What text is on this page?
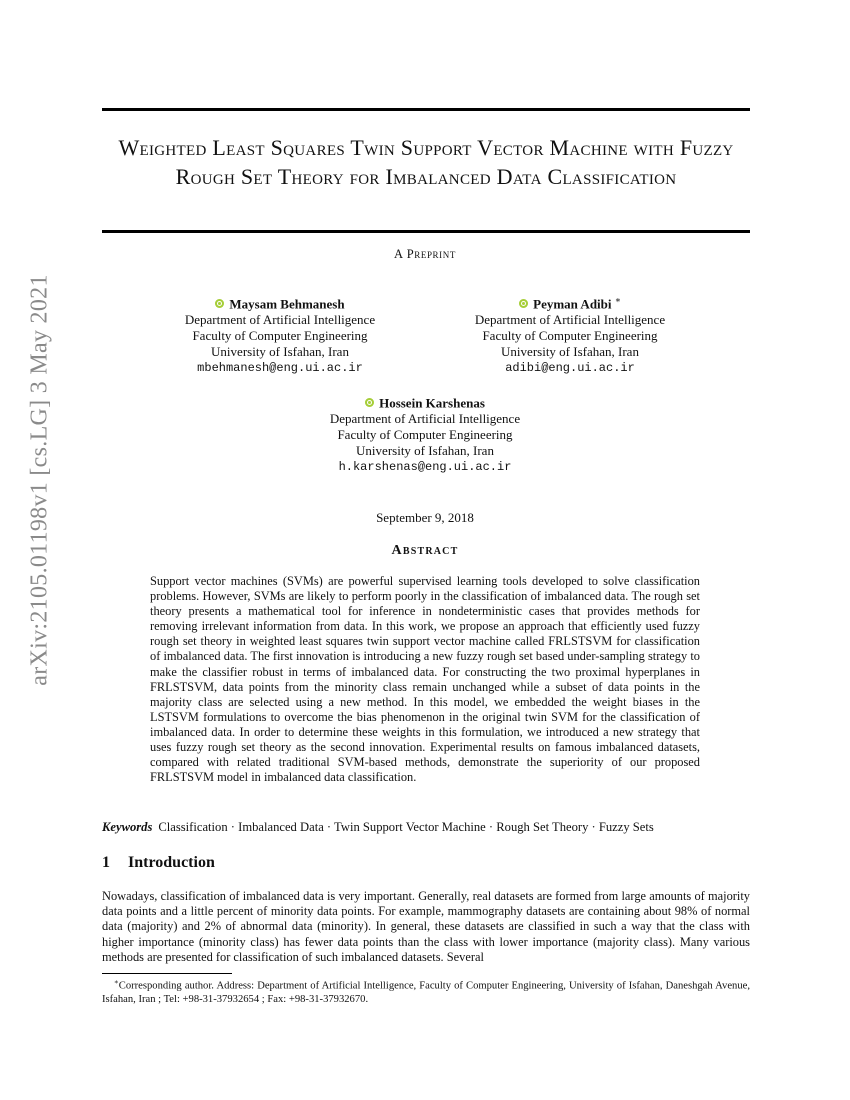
arXiv:2105.01198v1 [cs.LG] 3 May 2021
Weighted Least Squares Twin Support Vector Machine with Fuzzy Rough Set Theory for Imbalanced Data Classification
A Preprint
Maysam Behmanesh
Department of Artificial Intelligence
Faculty of Computer Engineering
University of Isfahan, Iran
mbehmanesh@eng.ui.ac.ir
Peyman Adibi ∗
Department of Artificial Intelligence
Faculty of Computer Engineering
University of Isfahan, Iran
adibi@eng.ui.ac.ir
Hossein Karshenas
Department of Artificial Intelligence
Faculty of Computer Engineering
University of Isfahan, Iran
h.karshenas@eng.ui.ac.ir
September 9, 2018
Abstract
Support vector machines (SVMs) are powerful supervised learning tools developed to solve classification problems. However, SVMs are likely to perform poorly in the classification of imbalanced data. The rough set theory presents a mathematical tool for inference in nondeterministic cases that provides methods for removing irrelevant information from data. In this work, we propose an approach that efficiently used fuzzy rough set theory in weighted least squares twin support vector machine called FRLSTSVM for classification of imbalanced data. The first innovation is introducing a new fuzzy rough set based under-sampling strategy to make the classifier robust in terms of imbalanced data. For constructing the two proximal hyperplanes in FRLSTSVM, data points from the minority class remain unchanged while a subset of data points in the majority class are selected using a new method. In this model, we embedded the weight biases in the LSTSVM formulations to overcome the bias phenomenon in the original twin SVM for the classification of imbalanced data. In order to determine these weights in this formulation, we introduced a new strategy that uses fuzzy rough set theory as the second innovation. Experimental results on famous imbalanced datasets, compared with related traditional SVM-based methods, demonstrate the superiority of our proposed FRLSTSVM model in imbalanced data classification.
Keywords Classification · Imbalanced Data · Twin Support Vector Machine · Rough Set Theory · Fuzzy Sets
1 Introduction
Nowadays, classification of imbalanced data is very important. Generally, real datasets are formed from large amounts of majority data points and a little percent of minority data points. For example, mammography datasets are containing about 98% of normal data (majority) and 2% of abnormal data (minority). In general, these datasets are classified in such a way that the class with higher importance (minority class) has fewer data points than the class with lower importance (majority class). Many various methods are presented for classification of such imbalanced datasets. Several
∗Corresponding author. Address: Department of Artificial Intelligence, Faculty of Computer Engineering, University of Isfahan, Daneshgah Avenue, Isfahan, Iran ; Tel: +98-31-37932654 ; Fax: +98-31-37932670.
